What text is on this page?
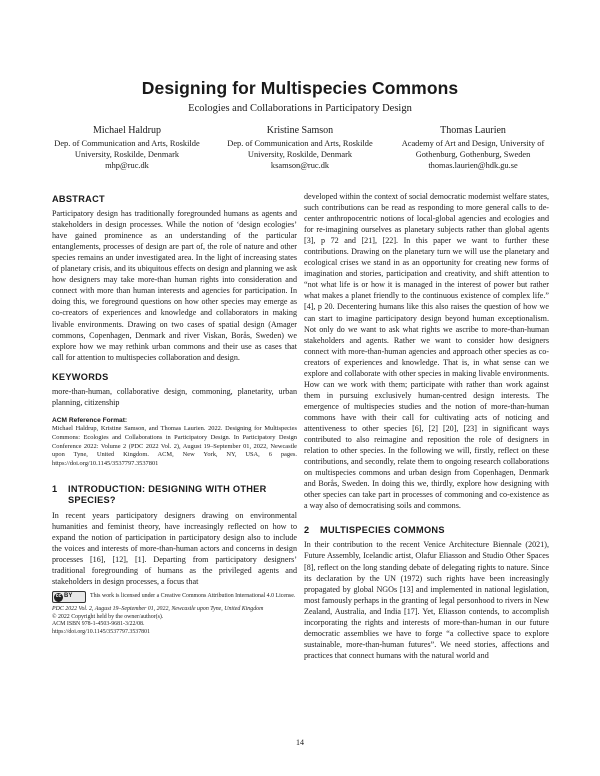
Designing for Multispecies Commons
Ecologies and Collaborations in Participatory Design
Michael Haldrup
Dep. of Communication and Arts, Roskilde University, Roskilde, Denmark
mhp@ruc.dk
Kristine Samson
Dep. of Communication and Arts, Roskilde University, Roskilde, Denmark
ksamson@ruc.dk
Thomas Laurien
Academy of Art and Design, University of Gothenburg, Gothenburg, Sweden
thomas.laurien@hdk.gu.se
ABSTRACT

Participatory design has traditionally foregrounded humans as agents and stakeholders in design processes. While the notion of ‘design ecologies’ have gained prominence as an understanding of the particular entanglements, processes of design are part of, the role of nature and other species remains an under investigated area. In the light of increasing states of planetary crisis, and its ubiquitous effects on design and planning we ask how designers may take more-than human rights into consideration and connect with more than human interests and agencies for participation. In doing this, we foreground questions on how other species may emerge as co-creators of experiences and knowledge and collaborators in making livable environments. Drawing on two cases of spatial design (Amager commons, Copenhagen, Denmark and river Viskan, Borås, Sweden) we explore how we may rethink urban commons and their use as cases that call for attention to multispecies collaboration and design.

KEYWORDS

more-than-human, collaborative design, commoning, planetarity, urban planning, citizenship

ACM Reference Format:

Michael Haldrup, Kristine Samson, and Thomas Laurien. 2022. Designing for Multispecies Commons: Ecologies and Collaborations in Participatory Design. In Participatory Design Conference 2022: Volume 2 (PDC 2022 Vol. 2), August 19–September 01, 2022, Newcastle upon Tyne, United Kingdom. ACM, New York, NY, USA, 6 pages. https://doi.org/10.1145/3537797.3537801

1	INTRODUCTION: DESIGNING WITH OTHER SPECIES?

In recent years participatory designers drawing on environmental humanities and feminist theory, have increasingly reflected on how to expand the notion of participation in participatory design also to include the voices and interests of more-than-human actors and concerns in design processes [16], [12], [1]. Departing from participatory designers’ traditional foregrounding of humans as the privileged agents and stakeholders in design processes, a focus that

cc BY	This work is licensed under a Creative Commons Attribution International 4.0 License.
PDC 2022 Vol. 2, August 19–September 01, 2022, Newcastle upon Tyne, United Kingdom
© 2022 Copyright held by the owner/author(s).
ACM ISBN 978-1-4503-9681-3/22/08.
https://doi.org/10.1145/3537797.3537801

developed within the context of social democratic modernist welfare states, such contributions can be read as responding to more general calls to de-center anthropocentric notions of local-global agencies and ecologies and for re-imagining ourselves as planetary subjects rather than global agents [3], p 72 and [21], [22]. In this paper we want to further these contributions. Drawing on the planetary turn we will use the planetary and ecological crises we stand in as an opportunity for creating new forms of imagination and stories, participation and creativity, and shift attention to “not what life is or how it is managed in the interest of power but rather what makes a planet friendly to the continuous existence of complex life.” [4], p 20. Decentering humans like this also raises the question of how we can start to imagine participatory design beyond human exceptionalism. Not only do we want to ask what rights we ascribe to more-than-human stakeholders and agents. Rather we want to consider how designers connect with more-than-human agencies and approach other species as co-creators of experiences and knowledge. That is, in what sense can we explore and collaborate with other species in making livable environments. How can we work with them; participate with rather than work against them in pursuing exclusively human-centred design interests. The emergence of multispecies studies and the notion of more-than-human commons have with their call for cultivating acts of noticing and attentiveness to other species [6], [2] [20], [23] in significant ways contributed to also reimagine and reposition the role of designers in relation to other species. In the following we will, firstly, reflect on these contributions, and secondly, relate them to ongoing research collaborations on multispecies commons and urban design from Copenhagen, Denmark and Borås, Sweden. In doing this we, thirdly, explore how designing with other species can take part in processes of commoning and co-existence as a way also of democratising soils and commons.

2	MULTISPECIES COMMONS

In their contribution to the recent Venice Architecture Biennale (2021), Future Assembly, Icelandic artist, Olafur Eliasson and Studio Other Spaces [8], reflect on the long standing debate of delegating rights to nature. Since its declaration by the UN (1972) such rights have been increasingly propagated by global NGOs [13] and implemented in national legislation, most famously perhaps in the granting of legal personhood to rivers in New Zealand, Australia, and India [17]. Yet, Eliasson contends, to accomplish incorporating the rights and interests of more-than-human in our future democratic assemblies we have to forge “a collective space to explore sustainable, more-than-human futures”. We need stories, affections and practices that connect humans with the natural world and

14
